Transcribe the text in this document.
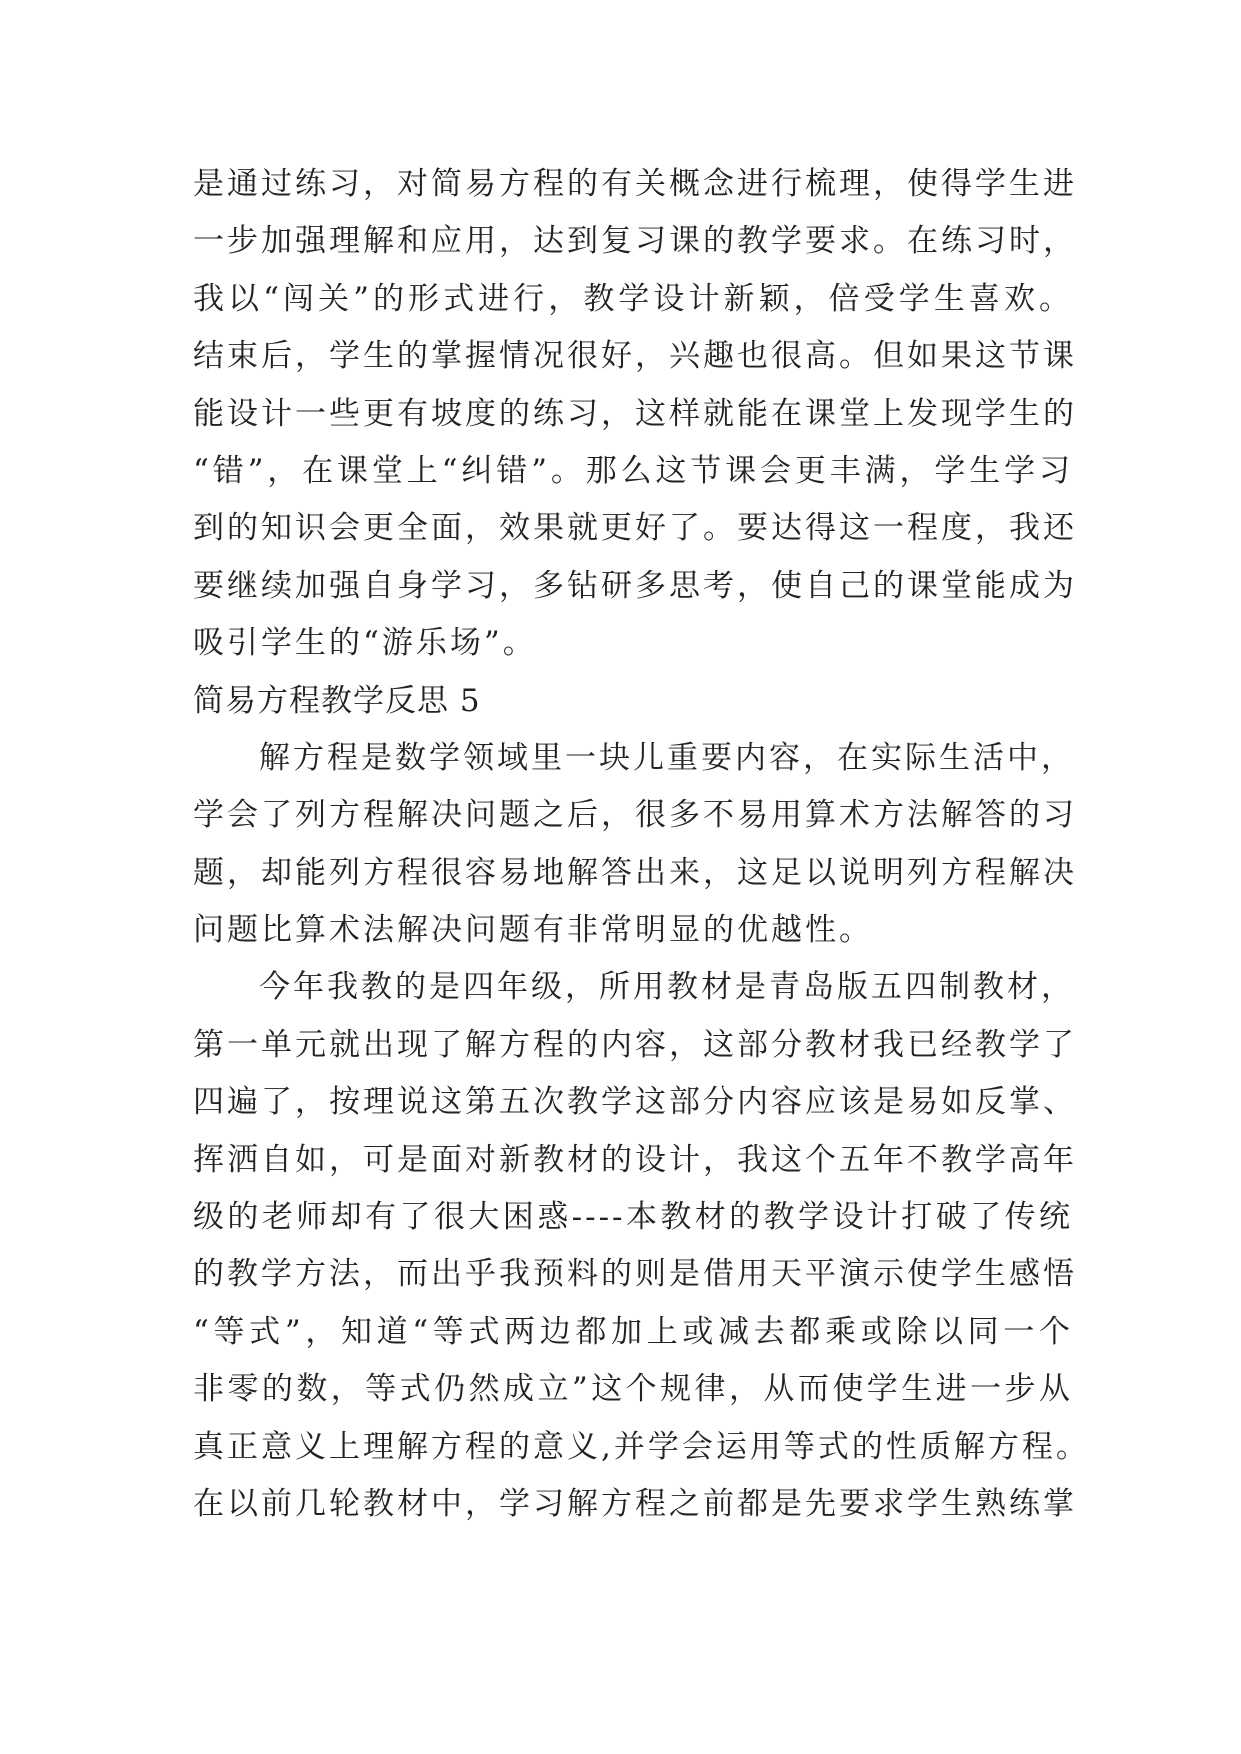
是通过练习，对简易方程的有关概念进行梳理，使得学生进
一步加强理解和应用，达到复习课的教学要求。在练习时，
我以“闯关”的形式进行，教学设计新颖，倍受学生喜欢。
结束后，学生的掌握情况很好，兴趣也很高。但如果这节课
能设计一些更有坡度的练习，这样就能在课堂上发现学生的
“错”，在课堂上“纠错”。那么这节课会更丰满，学生学习
到的知识会更全面，效果就更好了。要达得这一程度，我还
要继续加强自身学习，多钻研多思考，使自己的课堂能成为
吸引学生的“游乐场”。
简易方程教学反思 5
解方程是数学领域里一块儿重要内容，在实际生活中，
学会了列方程解决问题之后，很多不易用算术方法解答的习
题，却能列方程很容易地解答出来，这足以说明列方程解决
问题比算术法解决问题有非常明显的优越性。
今年我教的是四年级，所用教材是青岛版五四制教材，
第一单元就出现了解方程的内容，这部分教材我已经教学了
四遍了，按理说这第五次教学这部分内容应该是易如反掌、
挥洒自如，可是面对新教材的设计，我这个五年不教学高年
级的老师却有了很大困惑----本教材的教学设计打破了传统
的教学方法，而出乎我预料的则是借用天平演示使学生感悟
“等式”，知道“等式两边都加上或减去都乘或除以同一个
非零的数，等式仍然成立”这个规律，从而使学生进一步从
真正意义上理解方程的意义,并学会运用等式的性质解方程。
在以前几轮教材中，学习解方程之前都是先要求学生熟练掌
